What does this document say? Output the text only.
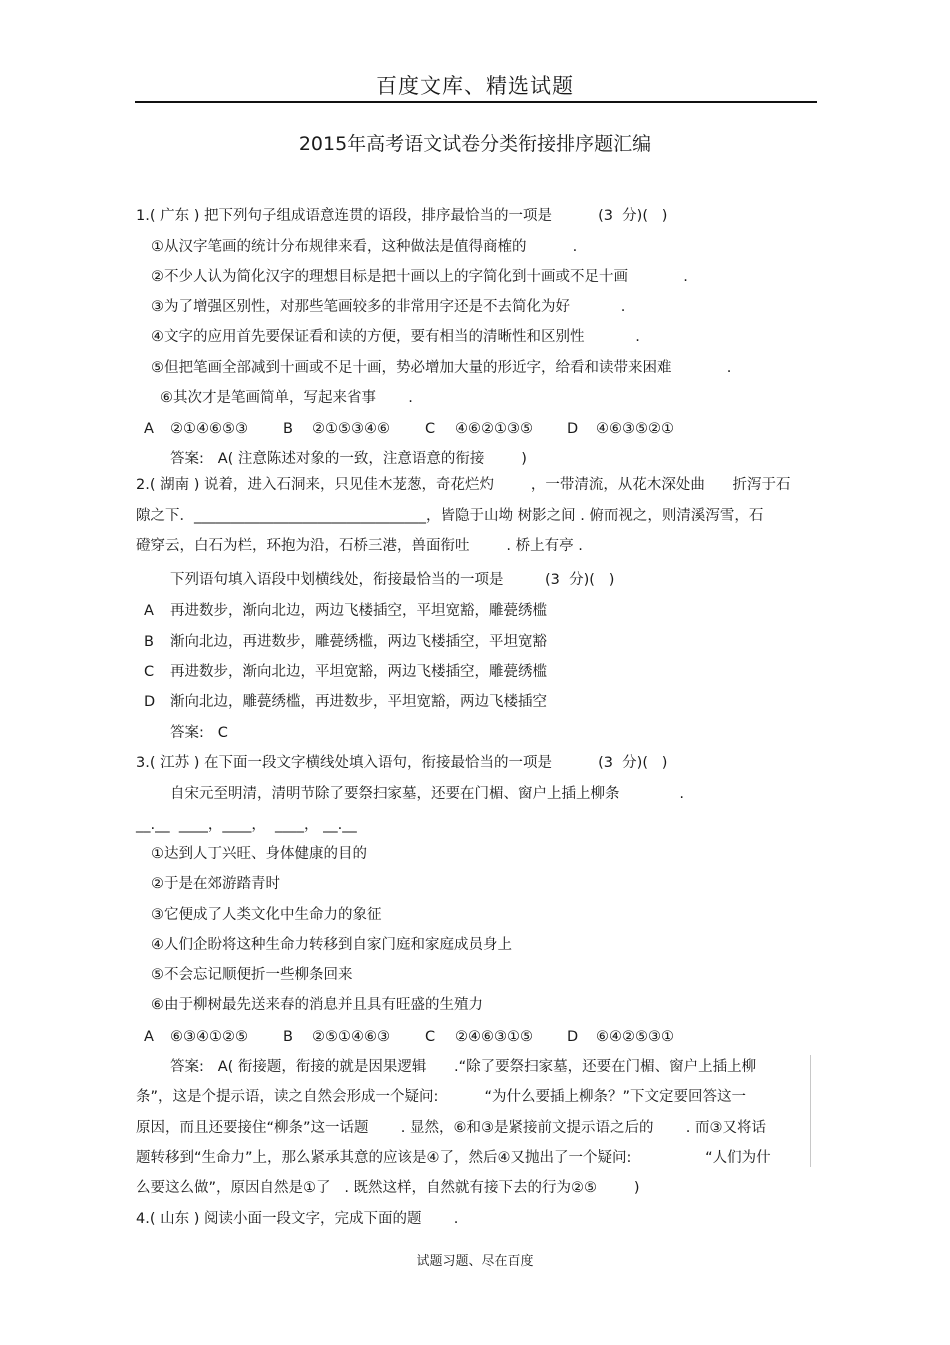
百度文库、精选试题
2015年高考语文试卷分类衔接排序题汇编
1.( 广东 ) 把下列句子组成语意连贯的语段，排序最恰当的一项是          (3  分)(   )
①从汉字笔画的统计分布规律来看，这种做法是值得商榷的          .
②不少人认为简化汉字的理想目标是把十画以上的字简化到十画或不足十画            .
③为了增强区别性，对那些笔画较多的非常用字还是不去简化为好           .
④文字的应用首先要保证看和读的方便，要有相当的清晰性和区别性           .
⑤但把笔画全部减到十画或不足十画，势必增加大量的形近字，给看和读带来困难            .
⑥其次才是笔画简单，写起来省事       .

A

②①④⑥⑤③

B

②①⑤③④⑥

C

④⑥②①③⑤

D

④⑥③⑤②①

答案:   A( 注意陈述对象的一致，注意语意的衔接        )
2.( 湖南 ) 说着，进入石洞来，只见佳木茏葱，奇花烂灼        ，一带清流，从花木深处曲      折泻于石
隙之下．________________________________，皆隐于山坳 树影之间 . 俯而视之，则清溪泻雪，石
磴穿云，白石为栏，环抱为沿，石桥三港，兽面衔吐        . 桥上有亭 .
下列语句填入语段中划横线处，衔接最恰当的一项是         (3  分)(   )

A

再进数步，渐向北边，两边飞楼插空，平坦宽豁，雕甍绣槛

B

渐向北边，再进数步，雕甍绣槛，两边飞楼插空，平坦宽豁

C

再进数步，渐向北边，平坦宽豁，两边飞楼插空，雕甍绣槛

D

渐向北边，雕甍绣槛，再进数步，平坦宽豁，两边飞楼插空

答案:   C
3.( 江苏 ) 在下面一段文字横线处填入语句，衔接最恰当的一项是          (3  分)(   )
自宋元至明清，清明节除了要祭扫家墓，还要在门楣、窗户上插上柳条             .
__.__  ____，____，  ____， __.__
①达到人丁兴旺、身体健康的目的
②于是在郊游踏青时
③它便成了人类文化中生命力的象征
④人们企盼将这种生命力转移到自家门庭和家庭成员身上
⑤不会忘记顺便折一些柳条回来
⑥由于柳树最先送来春的消息并且具有旺盛的生殖力

A

⑥③④①②⑤

B

②⑤①④⑥③

C

②④⑥③①⑤

D

⑥④②⑤③①

答案:   A( 衔接题，衔接的就是因果逻辑      .“除了要祭扫家墓，还要在门楣、窗户上插上柳
条”，这是个提示语，读之自然会形成一个疑问:          “为什么要插上柳条？”下文定要回答这一
原因，而且还要接住“柳条”这一话题       . 显然，⑥和③是紧接前文提示语之后的       . 而③又将话
题转移到“生命力”上，那么紧承其意的应该是④了，然后④又抛出了一个疑问:                “人们为什
么要这么做”，原因自然是①了   . 既然这样，自然就有接下去的行为②⑤        )
4.( 山东 ) 阅读小面一段文字，完成下面的题       .
试题习题、尽在百度
